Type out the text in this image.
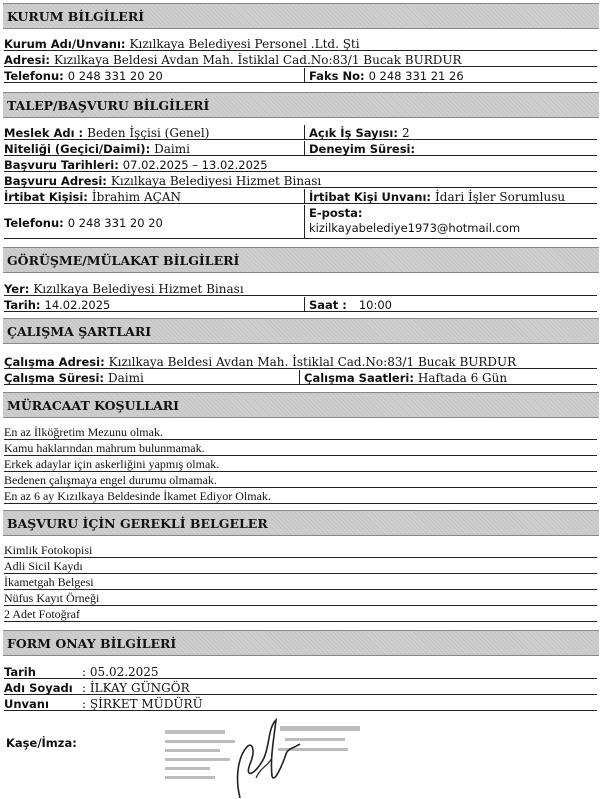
KURUM BİLGİLERİ
Kurum Adı/Unvanı: Kızılkaya Belediyesi Personel .Ltd. Şti
Adresi: Kızılkaya Beldesi Avdan Mah. İstiklal Cad.No:83/1 Bucak BURDUR
Telefonu: 0 248 331 20 20	Faks No: 0 248 331 21 26
TALEP/BAŞVURU BİLGİLERİ
Meslek Adı : Beden İşçisi (Genel)	Açık İş Sayısı: 2
Niteliği (Geçici/Daimi): Daimi	Deneyim Süresi:
Başvuru Tarihleri: 07.02.2025 – 13.02.2025
Başvuru Adresi: Kızılkaya Belediyesi Hizmet Binası
İrtibat Kişisi: İbrahim AÇAN	İrtibat Kişi Unvanı: İdari İşler Sorumlusu
Telefonu: 0 248 331 20 20
E-posta:
kizilkayabelediye1973@hotmail.com
GÖRÜŞME/MÜLAKAT BİLGİLERİ
Yer: Kızılkaya Belediyesi Hizmet Binası
Tarih: 14.02.2025	Saat : 10:00
ÇALIŞMA ŞARTLARI
Çalışma Adresi: Kızılkaya Beldesi Avdan Mah. İstiklal Cad.No:83/1 Bucak BURDUR
Çalışma Süresi: Daimi	Çalışma Saatleri: Haftada 6 Gün
MÜRACAAT KOŞULLARI
En az İlköğretim Mezunu olmak.
Kamu haklarından mahrum bulunmamak.
Erkek adaylar için askerliğini yapmış olmak.
Bedenen çalışmaya engel durumu olmamak.
En az 6 ay Kızılkaya Beldesinde İkamet Ediyor Olmak.
BAŞVURU İÇİN GEREKLİ BELGELER
Kimlik Fotokopisi
Adli Sicil Kaydı
İkametgah Belgesi
Nüfus Kayıt Örneği
2 Adet Fotoğraf
FORM ONAY BİLGİLERİ
Tarih	: 05.02.2025
Adı Soyadı : İLKAY GÜNGÖR
Unvanı	: ŞİRKET MÜDÜRÜ
Kaşe/İmza:
